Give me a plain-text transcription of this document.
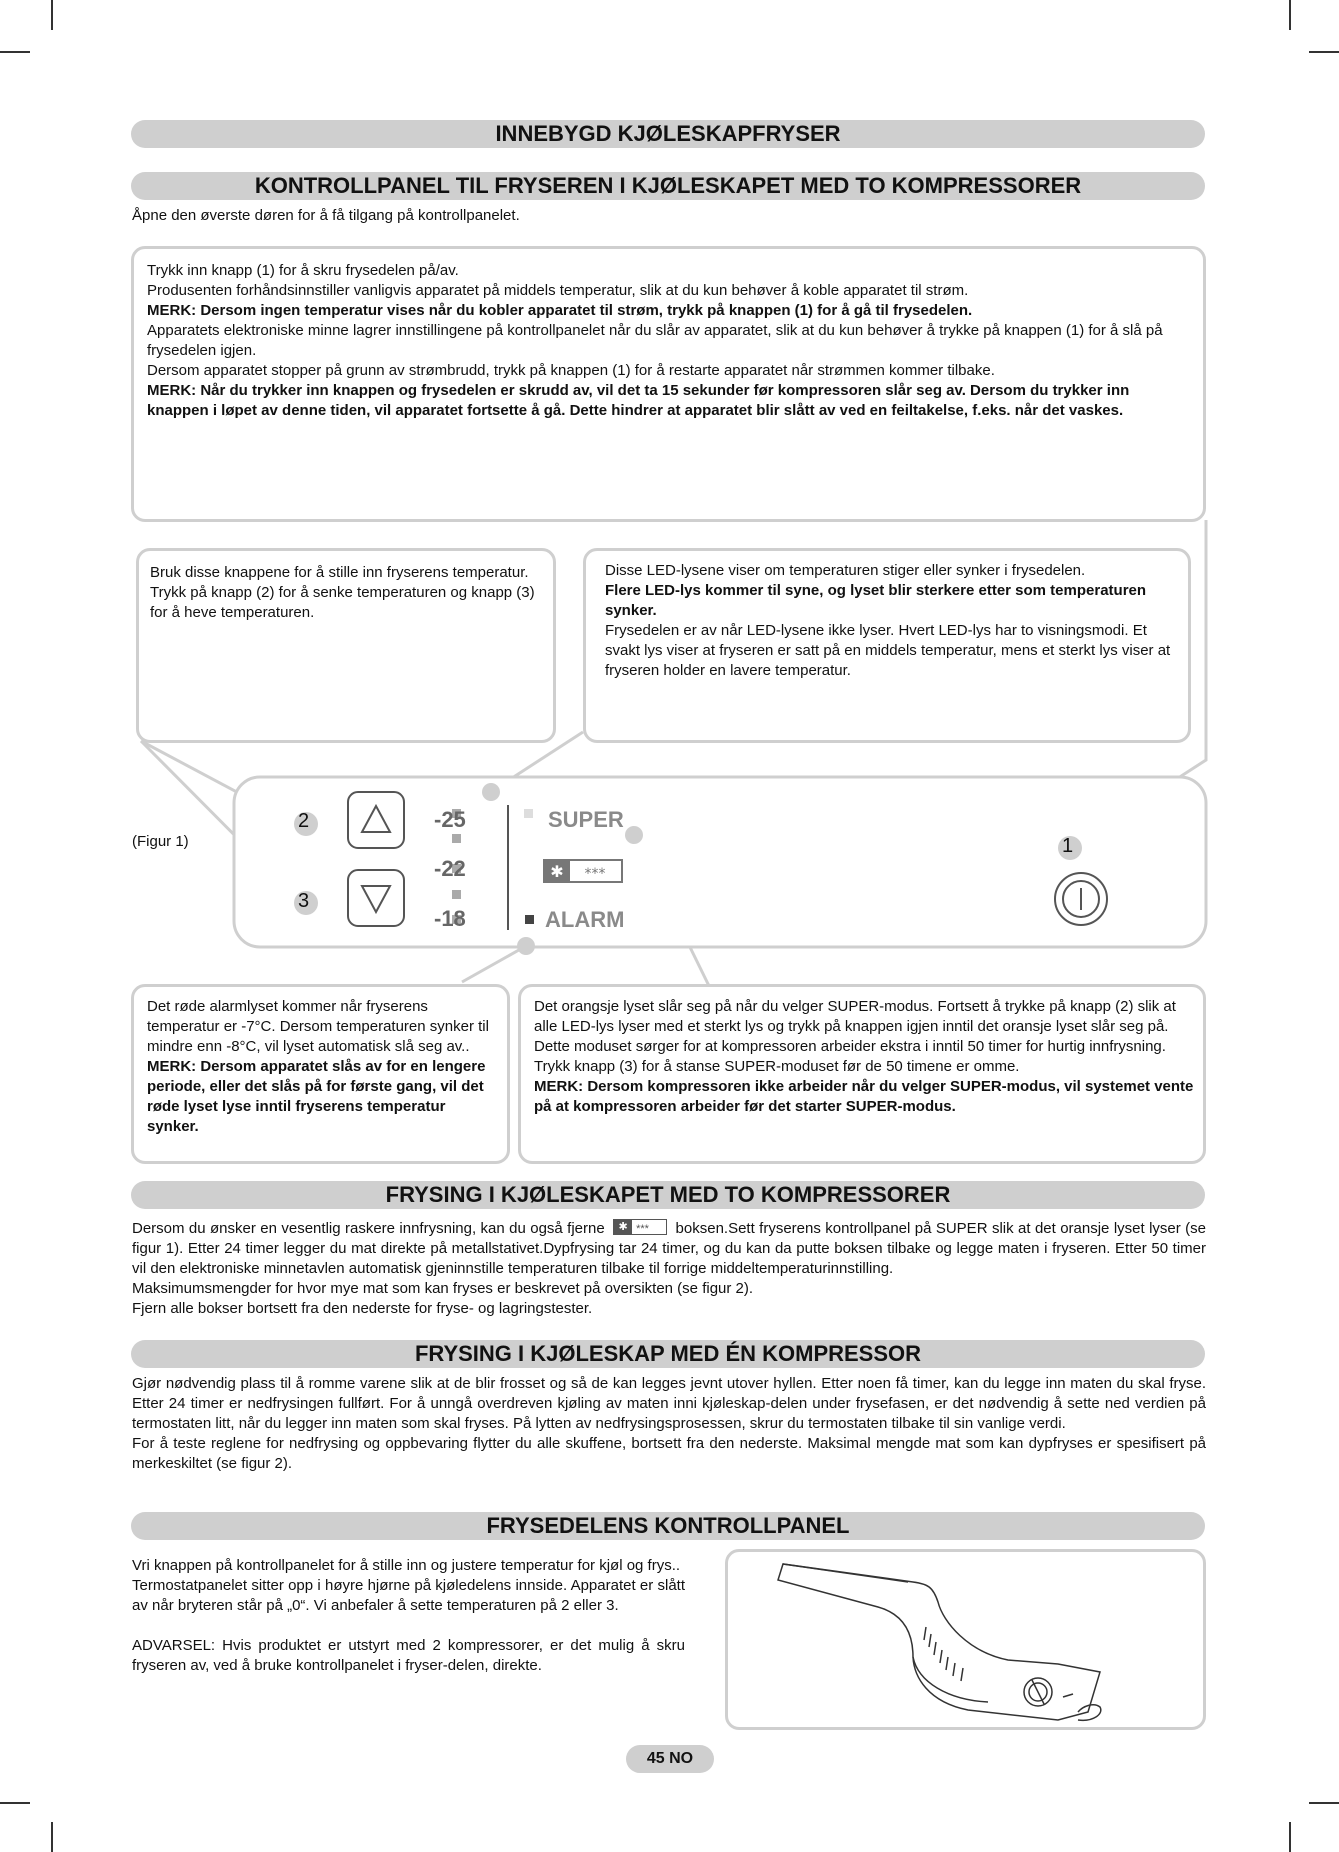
INNEBYGD KJØLESKAPFRYSER
KONTROLLPANEL TIL FRYSEREN I KJØLESKAPET MED TO KOMPRESSORER
Åpne den øverste døren for å få tilgang på kontrollpanelet.
Trykk inn knapp (1) for å skru frysedelen på/av.
Produsenten forhåndsinnstiller vanligvis apparatet på middels temperatur, slik at du kun behøver å koble apparatet til strøm.
MERK: Dersom ingen temperatur vises når du kobler apparatet til strøm, trykk på knappen (1) for å gå til frysedelen.
Apparatets elektroniske minne lagrer innstillingene på kontrollpanelet når du slår av apparatet, slik at du kun behøver å trykke på knappen (1) for å slå på frysedelen igjen.
Dersom apparatet stopper på grunn av strømbrudd, trykk på knappen (1) for å restarte apparatet når strømmen kommer tilbake.
MERK: Når du trykker inn knappen og frysedelen er skrudd av, vil det ta 15 sekunder før kompressoren slår seg av. Dersom du trykker inn knappen i løpet av denne tiden, vil apparatet fortsette å gå. Dette hindrer at apparatet blir slått av ved en feiltakelse, f.eks. når det vaskes.
Bruk disse knappene for å stille inn fryserens temperatur.
Trykk på knapp (2) for å senke temperaturen og knapp (3) for å heve temperaturen.
Disse LED-lysene viser om temperaturen stiger eller synker i frysedelen.
Flere LED-lys kommer til syne, og lyset blir sterkere etter som temperaturen synker.
Frysedelen er av når LED-lysene ikke lyser. Hvert LED-lys har to visningsmodi. Et svakt lys viser at fryseren er satt på en middels temperatur, mens et sterkt lys viser at fryseren holder en lavere temperatur.
(Figur 1)
✱ ***
2
3
1
-25
-22
-18
SUPER
ALARM
Det røde alarmlyset kommer når fryserens temperatur er -7°C. Dersom temperaturen synker til mindre enn -8°C, vil lyset automatisk slå seg av..
MERK: Dersom apparatet slås av for en lengere periode, eller det slås på for første gang, vil det røde lyset lyse inntil fryserens temperatur synker.
Det orangsje lyset slår seg på når du velger SUPER-modus. Fortsett å trykke på knapp (2) slik at alle LED-lys lyser med et sterkt lys og trykk på knappen igjen inntil det oransje lyset slår seg på.
Dette moduset sørger for at kompressoren arbeider ekstra i inntil 50 timer for hurtig innfrysning. Trykk knapp (3) for å stanse SUPER-moduset før de 50 timene er omme.
MERK: Dersom kompressoren ikke arbeider når du velger SUPER-modus, vil systemet vente på at kompressoren arbeider før det starter SUPER-modus.
FRYSING I KJØLESKAPET MED TO KOMPRESSORER
Dersom du ønsker en vesentlig raskere innfrysning, kan du også fjerne	✱ *** boksen.Sett fryserens kontrollpanel på SUPER slik at det oransje lyset lyser (se figur 1). Etter 24 timer legger du mat direkte på metallstativet.Dypfrysing tar 24 timer, og du kan da putte boksen tilbake og legge maten i fryseren. Etter 50 timer vil den elektroniske minnetavlen automatisk gjeninnstille temperaturen tilbake til forrige middeltemperaturinnstilling.
Maksimumsmengder for hvor mye mat som kan fryses er beskrevet på oversikten (se figur 2).
Fjern alle bokser bortsett fra den nederste for fryse- og lagringstester.
FRYSING I KJØLESKAP MED ÉN KOMPRESSOR
Gjør nødvendig plass til å romme varene slik at de blir frosset og så de kan legges jevnt utover hyllen. Etter noen få timer, kan du legge inn maten du skal fryse. Etter 24 timer er nedfrysingen fullført. For å unngå overdreven kjøling av maten inni kjøleskap-delen under frysefasen, er det nødvendig å sette ned verdien på termostaten litt, når du legger inn maten som skal fryses. På lytten av nedfrysingsprosessen, skrur du termostaten tilbake til sin vanlige verdi.
For å teste reglene for nedfrysing og oppbevaring flytter du alle skuffene, bortsett fra den nederste. Maksimal mengde mat som kan dypfryses er spesifisert på merkeskiltet (se figur 2).
FRYSEDELENS KONTROLLPANEL
Vri knappen på kontrollpanelet for å stille inn og justere temperatur for kjøl og frys..
Termostatpanelet sitter opp i høyre hjørne på kjøledelens innside. Apparatet er slått av når bryteren står på „0“. Vi anbefaler å sette temperaturen på 2 eller 3.
ADVARSEL: Hvis produktet er utstyrt med 2 kompressorer, er det mulig å skru fryseren av, ved å bruke kontrollpanelet i fryser-delen, direkte.
45 NO
